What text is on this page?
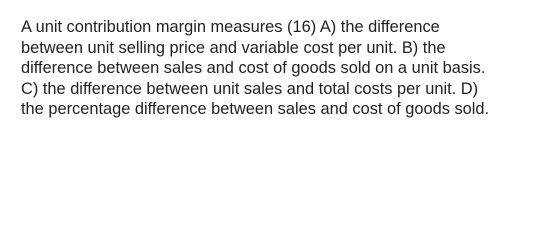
A unit contribution margin measures (16) A) the difference
between unit selling price and variable cost per unit. B) the
difference between sales and cost of goods sold on a unit basis.
C) the difference between unit sales and total costs per unit. D)
the percentage difference between sales and cost of goods sold.
